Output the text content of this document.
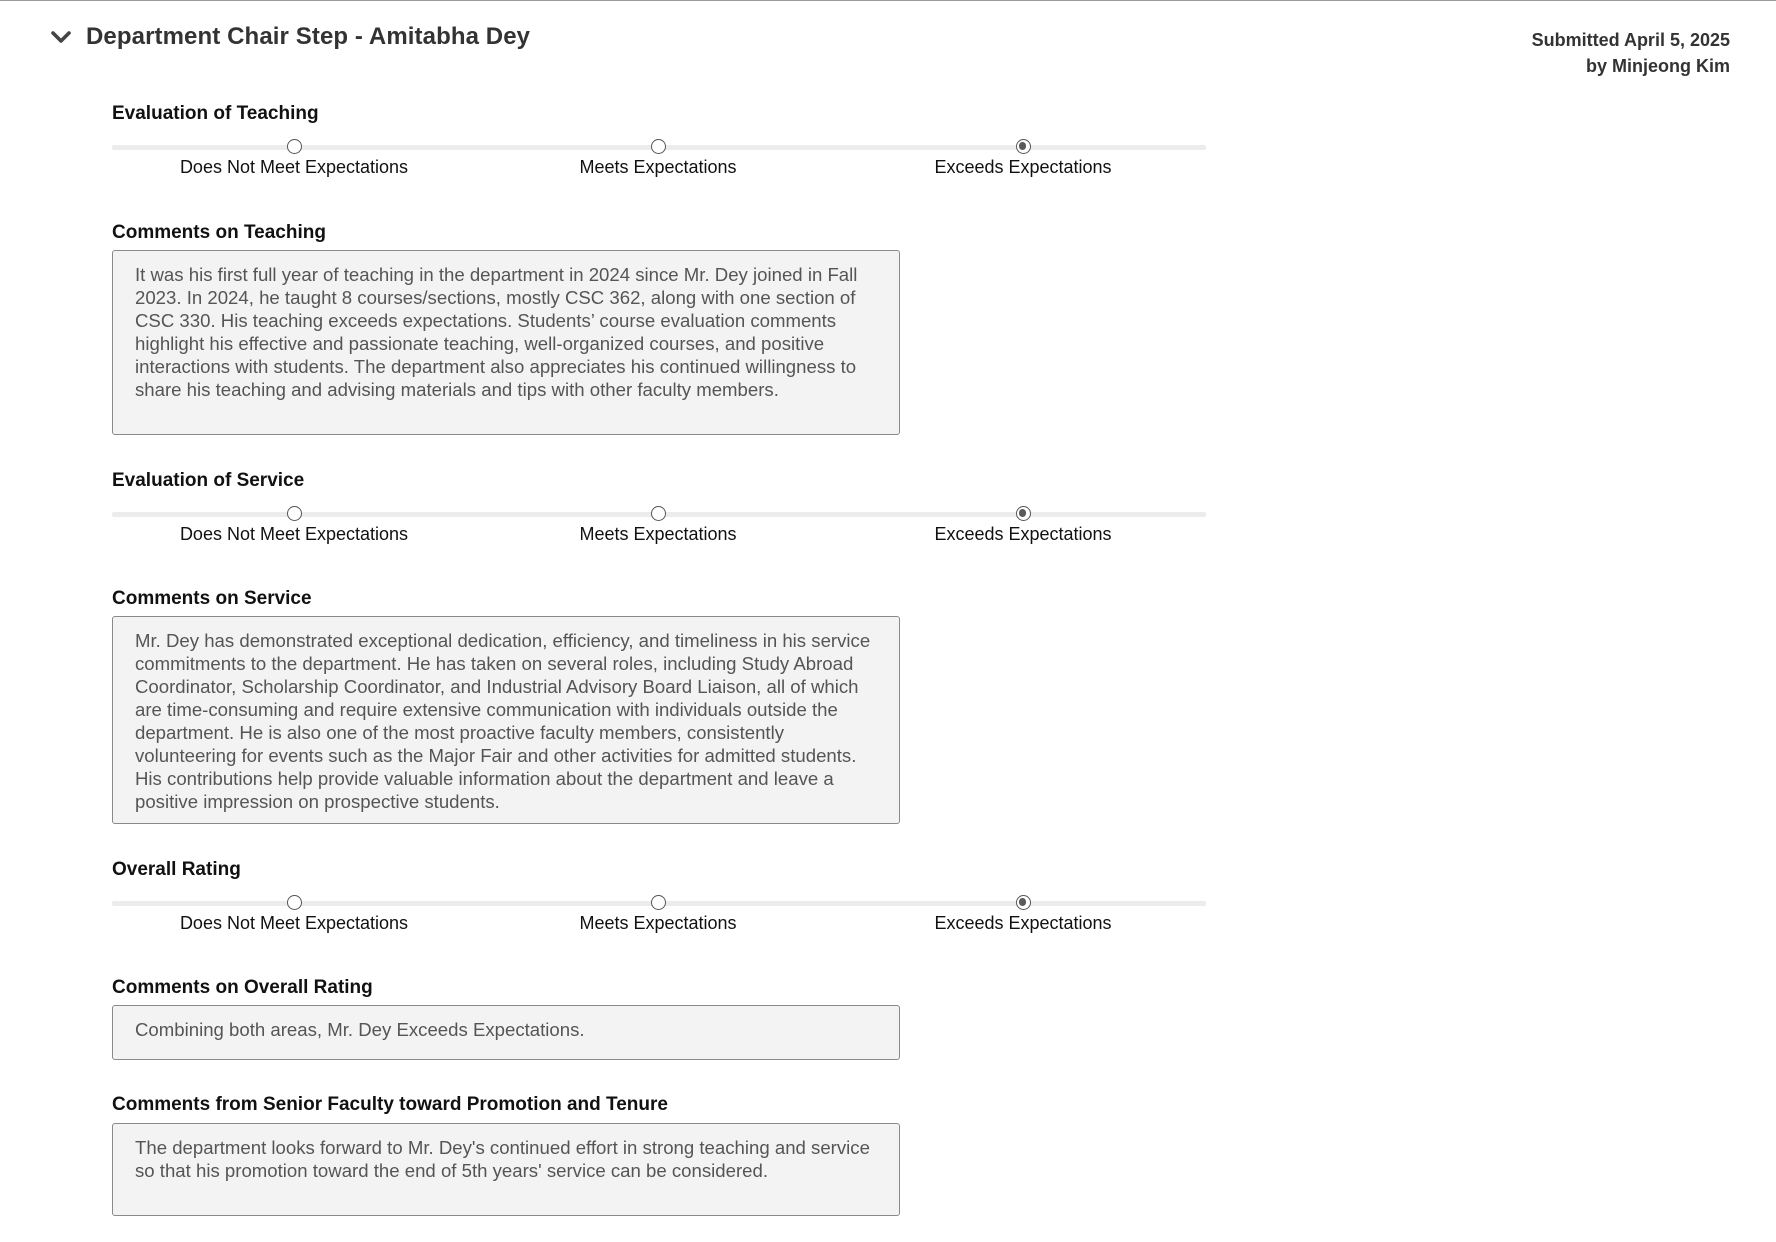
Department Chair Step - Amitabha Dey	Submitted April 5, 2025
by Minjeong Kim
Evaluation of Teaching
Does Not Meet Expectations	Meets Expectations	Exceeds Expectations
Comments on Teaching
It was his first full year of teaching in the department in 2024 since Mr. Dey joined in Fall 2023. In 2024, he taught 8 courses/sections, mostly CSC 362, along with one section of CSC 330. His teaching exceeds expectations. Students’ course evaluation comments highlight his effective and passionate teaching, well-organized courses, and positive interactions with students. The department also appreciates his continued willingness to share his teaching and advising materials and tips with other faculty members.
Evaluation of Service
Does Not Meet Expectations	Meets Expectations	Exceeds Expectations
Comments on Service
Mr. Dey has demonstrated exceptional dedication, efficiency, and timeliness in his service commitments to the department. He has taken on several roles, including Study Abroad Coordinator, Scholarship Coordinator, and Industrial Advisory Board Liaison, all of which are time-consuming and require extensive communication with individuals outside the department. He is also one of the most proactive faculty members, consistently volunteering for events such as the Major Fair and other activities for admitted students. His contributions help provide valuable information about the department and leave a positive impression on prospective students.
Overall Rating
Does Not Meet Expectations	Meets Expectations	Exceeds Expectations
Comments on Overall Rating
Combining both areas, Mr. Dey Exceeds Expectations.
Comments from Senior Faculty toward Promotion and Tenure
The department looks forward to Mr. Dey's continued effort in strong teaching and service so that his promotion toward the end of 5th years' service can be considered.
